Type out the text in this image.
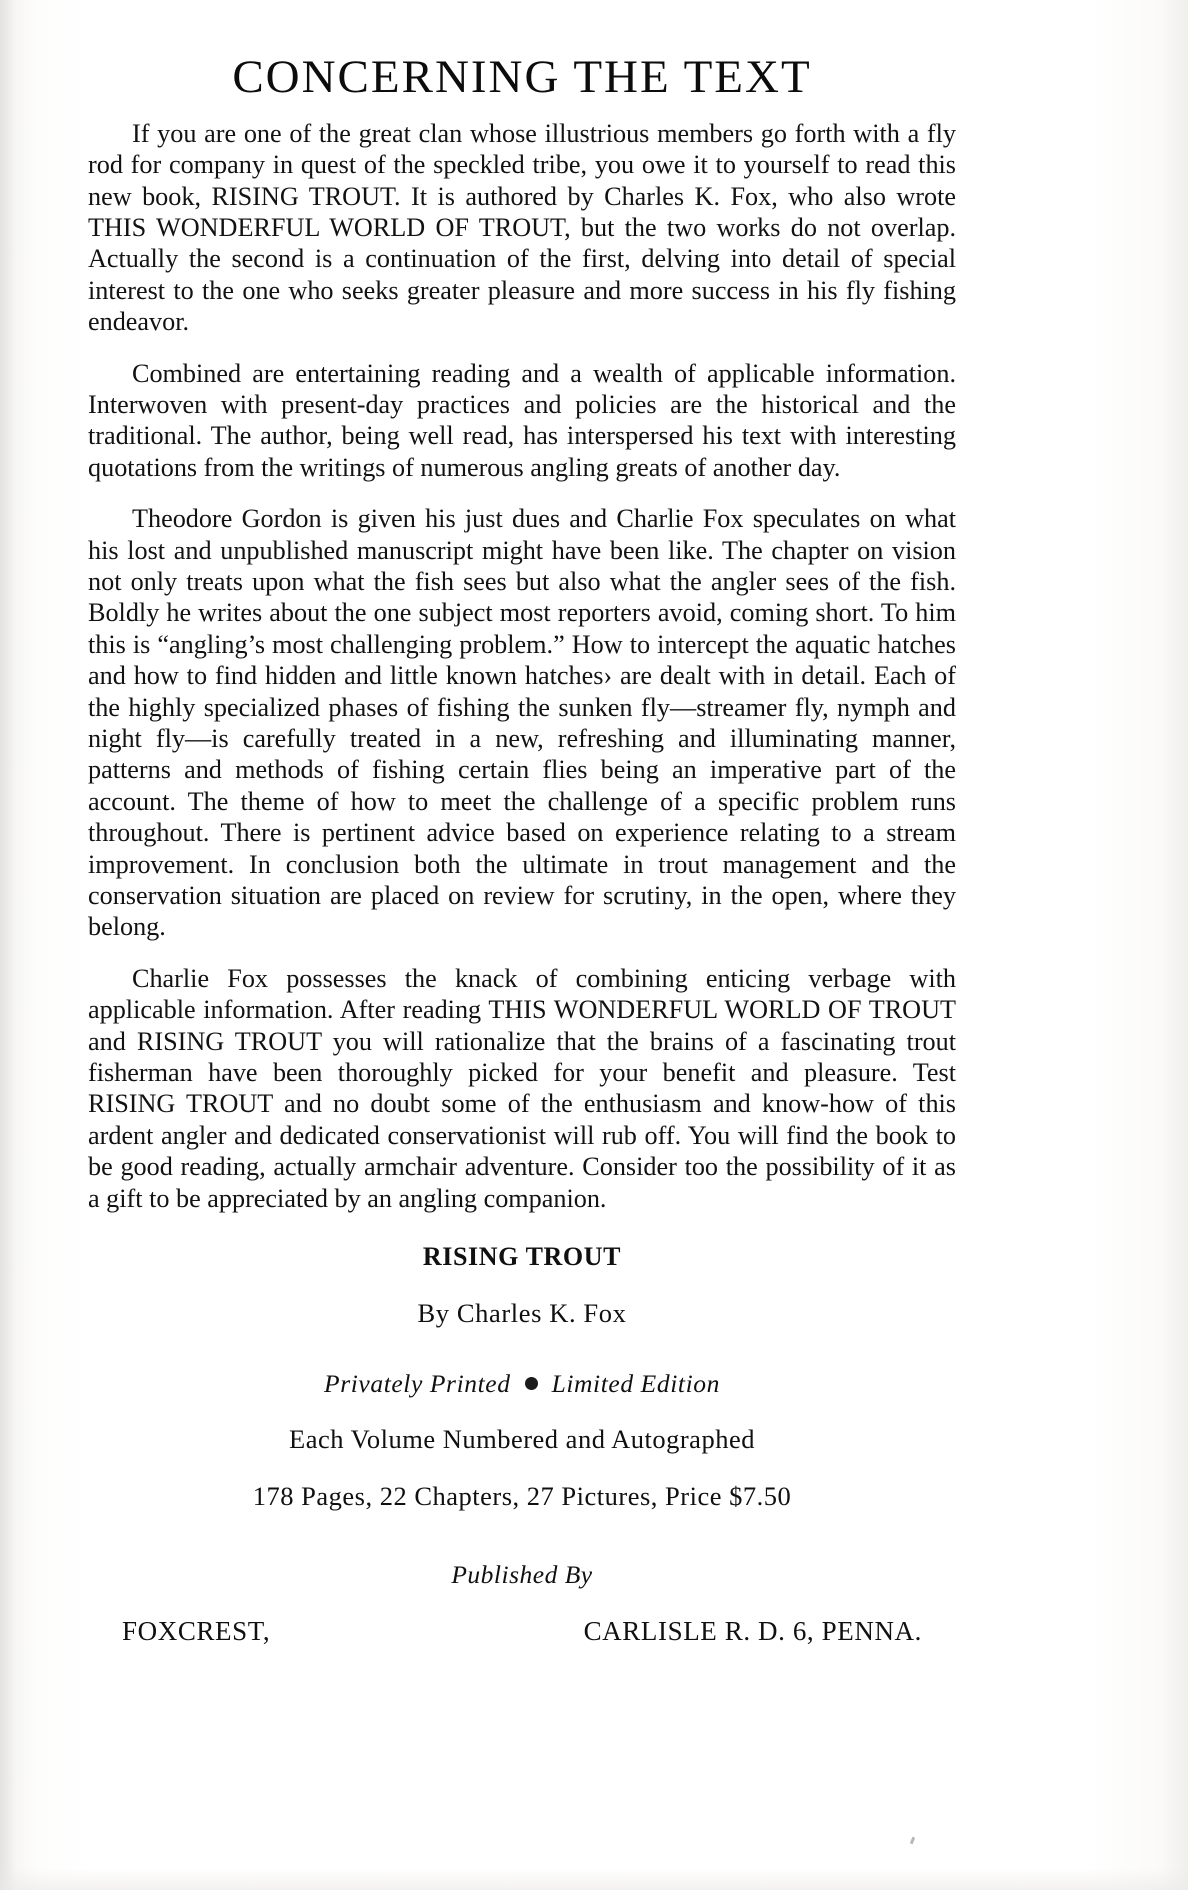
CONCERNING THE TEXT

If you are one of the great clan whose illustrious members go forth with a fly rod for company in quest of the speckled tribe, you owe it to yourself to read this new book, RISING TROUT. It is authored by Charles K. Fox, who also wrote THIS WONDERFUL WORLD OF TROUT, but the two works do not overlap. Actually the second is a continuation of the first, delving into detail of special interest to the one who seeks greater pleasure and more success in his fly fishing endeavor.

Combined are entertaining reading and a wealth of applicable information. Interwoven with present-day practices and policies are the historical and the traditional. The author, being well read, has interspersed his text with interesting quotations from the writings of numerous angling greats of another day.

Theodore Gordon is given his just dues and Charlie Fox speculates on what his lost and unpublished manuscript might have been like. The chapter on vision not only treats upon what the fish sees but also what the angler sees of the fish. Boldly he writes about the one subject most reporters avoid, coming short. To him this is “angling’s most challenging problem.” How to intercept the aquatic hatches and how to find hidden and little known hatches› are dealt with in detail. Each of the highly specialized phases of fishing the sunken fly—streamer fly, nymph and night fly—is carefully treated in a new, refreshing and illuminating manner, patterns and methods of fishing certain flies being an imperative part of the account. The theme of how to meet the challenge of a specific problem runs throughout. There is pertinent advice based on experience relating to a stream improvement. In conclusion both the ultimate in trout management and the conservation situation are placed on review for scrutiny, in the open, where they belong.

Charlie Fox possesses the knack of combining enticing verbage with applicable information. After reading THIS WONDERFUL WORLD OF TROUT and RISING TROUT you will rationalize that the brains of a fascinating trout fisherman have been thoroughly picked for your benefit and pleasure. Test RISING TROUT and no doubt some of the enthusiasm and know-how of this ardent angler and dedicated conservationist will rub off. You will find the book to be good reading, actually armchair adventure. Consider too the possibility of it as a gift to be appreciated by an angling companion.

RISING TROUT
By Charles K. Fox
Privately Printed Limited Edition
Each Volume Numbered and Autographed
178 Pages, 22 Chapters, 27 Pictures, Price $7.50
Published By
FOXCREST,	CARLISLE R. D. 6, PENNA.
